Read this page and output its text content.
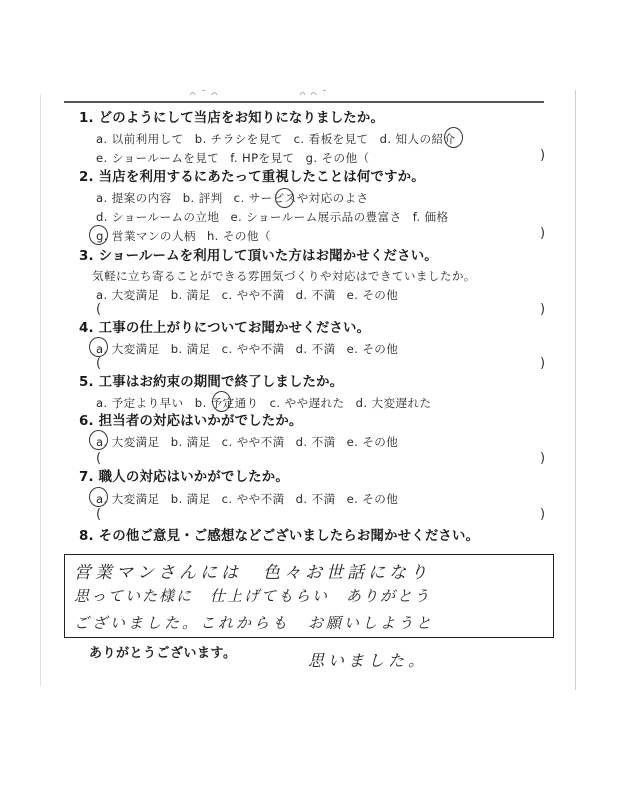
⌒ ˘ ⌒	⌒ ⌒ ˘
1. どのようにして当店をお知りになりましたか。
a. 以前利用して b. チラシを見て c. 看板を見て d. 知人の紹介
e. ショールームを見て f. HPを見て g. その他（	)
2. 当店を利用するにあたって重視したことは何ですか。
a. 提案の内容 b. 評判 c. サービスや対応のよさ
d. ショールームの立地 e. ショールーム展示品の豊富さ f. 価格
g. 営業マンの人柄 h. その他（	)
3. ショールームを利用して頂いた方はお聞かせください。
気軽に立ち寄ることができる雰囲気づくりや対応はできていましたか。
a. 大変満足 b. 満足 c. やや不満 d. 不満 e. その他
(	)
4. 工事の仕上がりについてお聞かせください。
a. 大変満足 b. 満足 c. やや不満 d. 不満 e. その他
(	)
5. 工事はお約束の期間で終了しましたか。
a. 予定より早い b. 予定通り c. やや遅れた d. 大変遅れた
6. 担当者の対応はいかがでしたか。
a. 大変満足 b. 満足 c. やや不満 d. 不満 e. その他
(	)
7. 職人の対応はいかがでしたか。
a. 大変満足 b. 満足 c. やや不満 d. 不満 e. その他
(	)
8. その他ご意見・ご感想などございましたらお聞かせください。
営業マンさんには　色々お世話になり
思っていた様に　仕上げてもらい　ありがとう
ございました。これからも　お願いしようと
ありがとうございます。	思いました。
